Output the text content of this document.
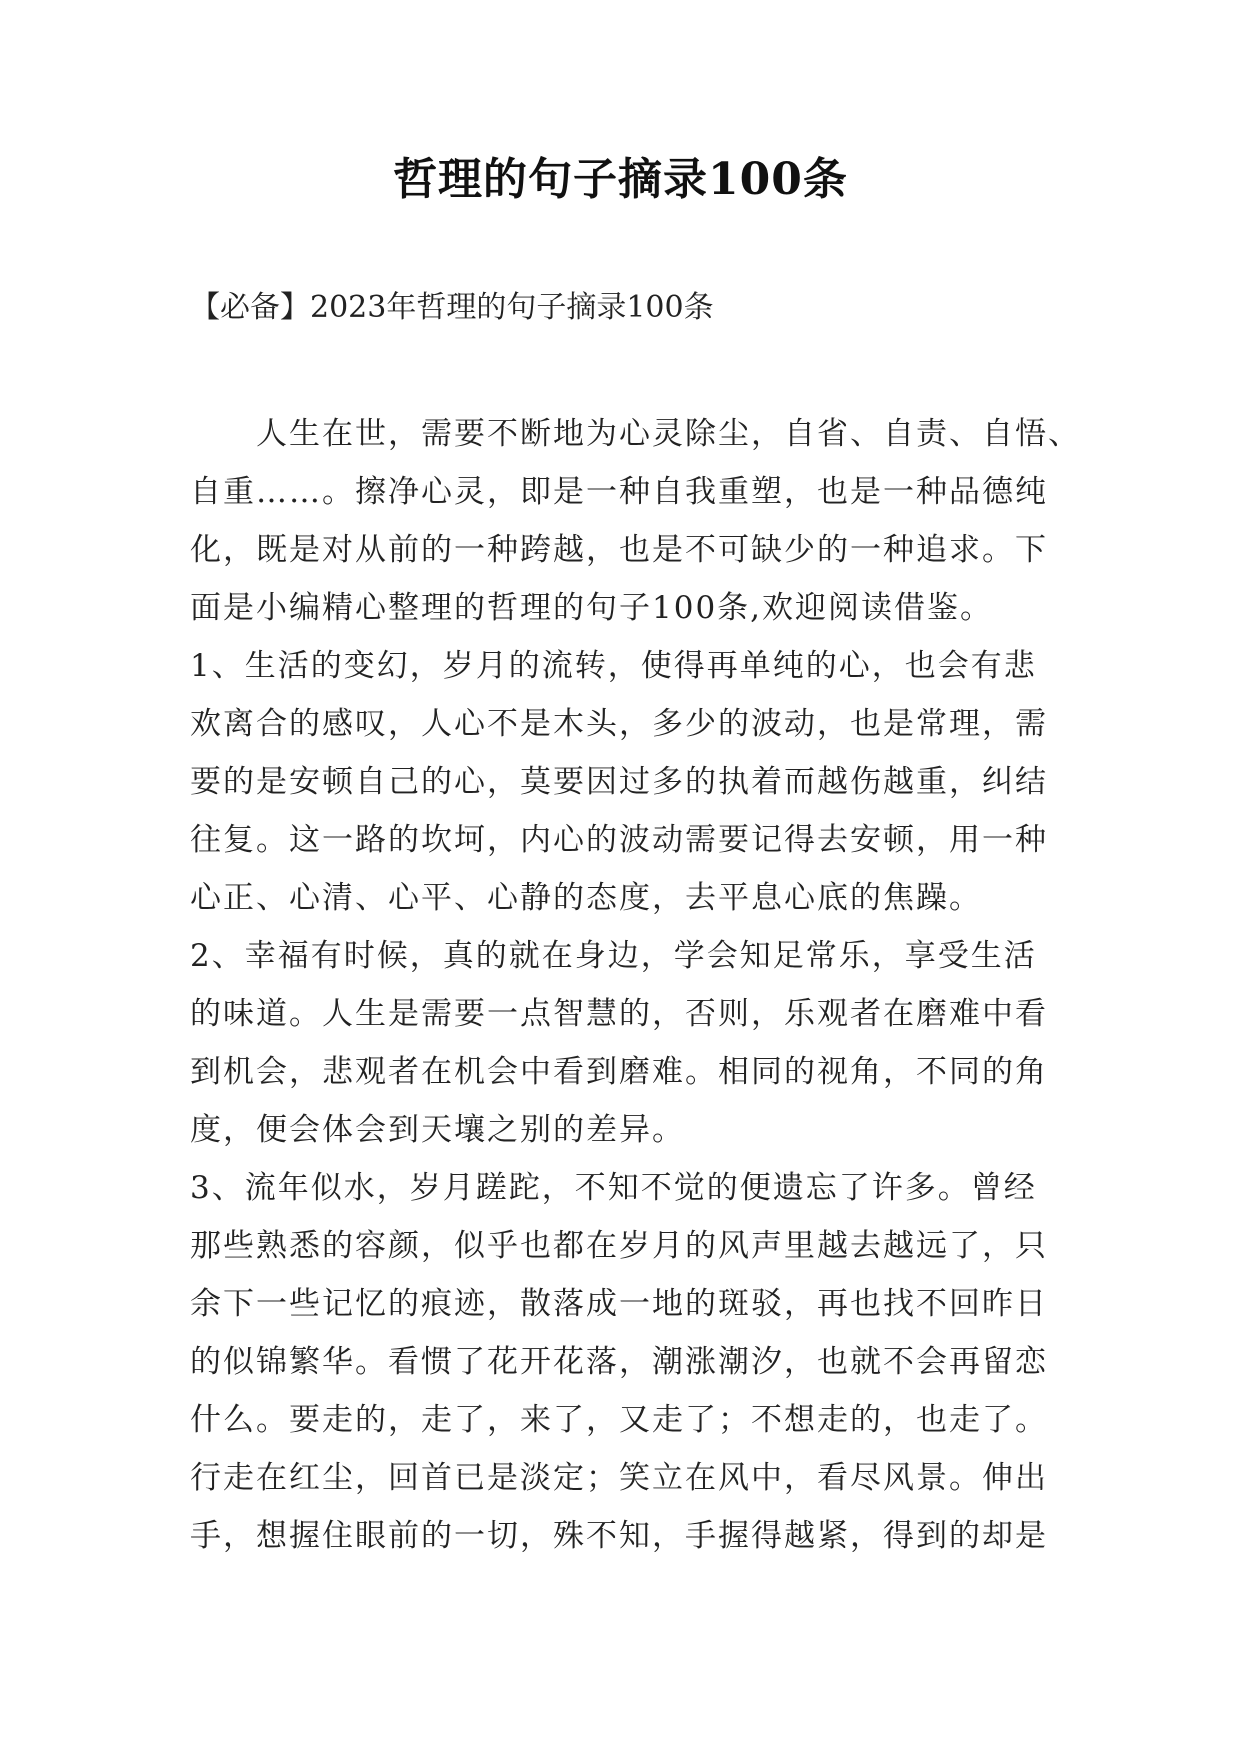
哲理的句子摘录100条
【必备】2023年哲理的句子摘录100条
　　人生在世，需要不断地为心灵除尘，自省、自责、自悟、
自重……。擦净心灵，即是一种自我重塑，也是一种品德纯
化，既是对从前的一种跨越，也是不可缺少的一种追求。下
面是小编精心整理的哲理的句子100条,欢迎阅读借鉴。
1、生活的变幻，岁月的流转，使得再单纯的心，也会有悲
欢离合的感叹，人心不是木头，多少的波动，也是常理，需
要的是安顿自己的心，莫要因过多的执着而越伤越重，纠结
往复。这一路的坎坷，内心的波动需要记得去安顿，用一种
心正、心清、心平、心静的态度，去平息心底的焦躁。
2、幸福有时候，真的就在身边，学会知足常乐，享受生活
的味道。人生是需要一点智慧的，否则，乐观者在磨难中看
到机会，悲观者在机会中看到磨难。相同的视角，不同的角
度，便会体会到天壤之别的差异。
3、流年似水，岁月蹉跎，不知不觉的便遗忘了许多。曾经
那些熟悉的容颜，似乎也都在岁月的风声里越去越远了，只
余下一些记忆的痕迹，散落成一地的斑驳，再也找不回昨日
的似锦繁华。看惯了花开花落，潮涨潮汐，也就不会再留恋
什么。要走的，走了，来了，又走了；不想走的，也走了。
行走在红尘，回首已是淡定；笑立在风中，看尽风景。伸出
手，想握住眼前的一切，殊不知，手握得越紧，得到的却是
